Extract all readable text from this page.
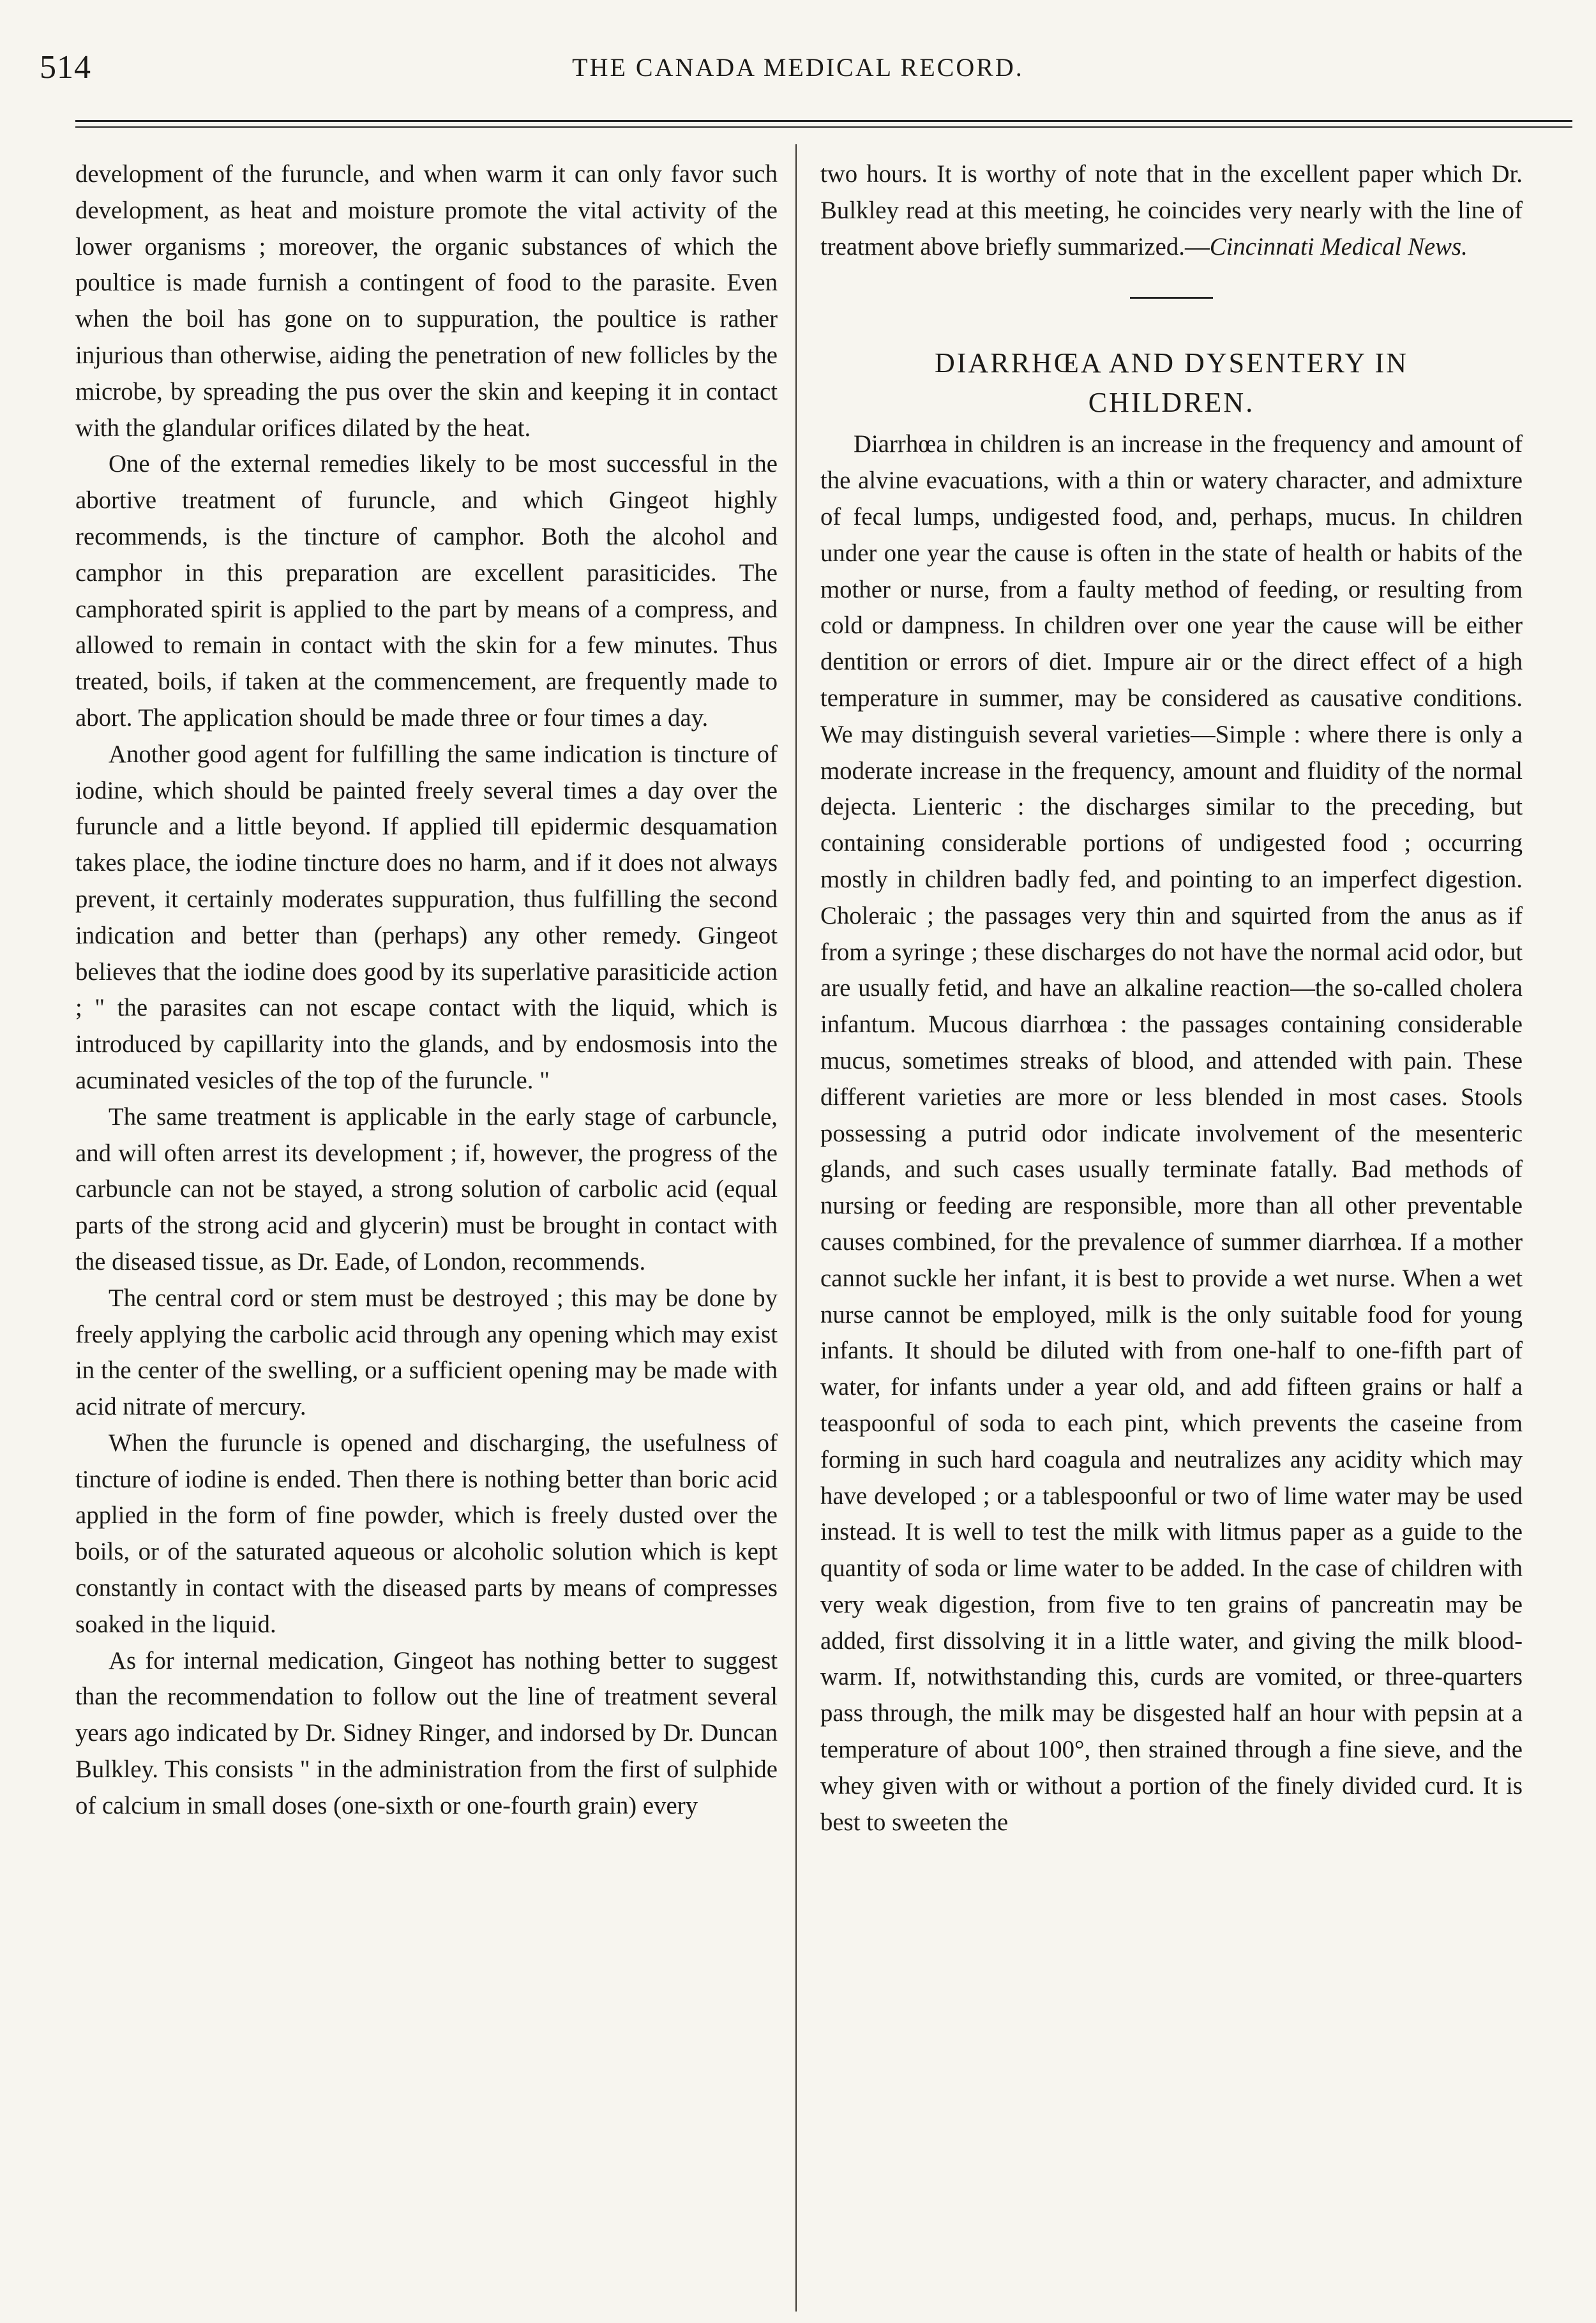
514	THE CANADA MEDICAL RECORD.

development of the furuncle, and when warm it can only favor such development, as heat and moisture promote the vital activity of the lower organisms ; moreover, the organic substances of which the poultice is made furnish a contingent of food to the parasite. Even when the boil has gone on to suppuration, the poultice is rather injurious than otherwise, aiding the penetration of new follicles by the microbe, by spreading the pus over the skin and keeping it in contact with the glandular orifices dilated by the heat.

One of the external remedies likely to be most successful in the abortive treatment of furuncle, and which Gingeot highly recommends, is the tincture of camphor. Both the alcohol and camphor in this preparation are excellent parasiticides. The camphorated spirit is applied to the part by means of a compress, and allowed to remain in contact with the skin for a few minutes. Thus treated, boils, if taken at the commencement, are frequently made to abort. The application should be made three or four times a day.

Another good agent for fulfilling the same indication is tincture of iodine, which should be painted freely several times a day over the furuncle and a little beyond. If applied till epidermic desquamation takes place, the iodine tincture does no harm, and if it does not always prevent, it certainly moderates suppuration, thus fulfilling the second indication and better than (perhaps) any other remedy. Gingeot believes that the iodine does good by its superlative parasiticide action ; " the parasites can not escape contact with the liquid, which is introduced by capillarity into the glands, and by endosmosis into the acuminated vesicles of the top of the furuncle. "

The same treatment is applicable in the early stage of carbuncle, and will often arrest its development ; if, however, the progress of the carbuncle can not be stayed, a strong solution of carbolic acid (equal parts of the strong acid and glycerin) must be brought in contact with the diseased tissue, as Dr. Eade, of London, recommends.

The central cord or stem must be destroyed ; this may be done by freely applying the carbolic acid through any opening which may exist in the center of the swelling, or a sufficient opening may be made with acid nitrate of mercury.

When the furuncle is opened and discharging, the usefulness of tincture of iodine is ended. Then there is nothing better than boric acid applied in the form of fine powder, which is freely dusted over the boils, or of the saturated aqueous or alcoholic solution which is kept constantly in contact with the diseased parts by means of compresses soaked in the liquid.

As for internal medication, Gingeot has nothing better to suggest than the recommendation to follow out the line of treatment several years ago indicated by Dr. Sidney Ringer, and indorsed by Dr. Duncan Bulkley. This consists " in the administration from the first of sulphide of calcium in small doses (one-sixth or one-fourth grain) every

two hours. It is worthy of note that in the excellent paper which Dr. Bulkley read at this meeting, he coincides very nearly with the line of treatment above briefly summarized.—Cincinnati Medical News.

DIARRHŒA AND DYSENTERY IN
CHILDREN.

Diarrhœa in children is an increase in the frequency and amount of the alvine evacuations, with a thin or watery character, and admixture of fecal lumps, undigested food, and, perhaps, mucus. In children under one year the cause is often in the state of health or habits of the mother or nurse, from a faulty method of feeding, or resulting from cold or dampness. In children over one year the cause will be either dentition or errors of diet. Impure air or the direct effect of a high temperature in summer, may be considered as causative conditions. We may distinguish several varieties—Simple : where there is only a moderate increase in the frequency, amount and fluidity of the normal dejecta. Lienteric : the discharges similar to the preceding, but containing considerable portions of undigested food ; occurring mostly in children badly fed, and pointing to an imperfect digestion. Choleraic ; the passages very thin and squirted from the anus as if from a syringe ; these discharges do not have the normal acid odor, but are usually fetid, and have an alkaline reaction—the so-called cholera infantum. Mucous diarrhœa : the passages containing considerable mucus, sometimes streaks of blood, and attended with pain. These different varieties are more or less blended in most cases. Stools possessing a putrid odor indicate involvement of the mesenteric glands, and such cases usually terminate fatally. Bad methods of nursing or feeding are responsible, more than all other preventable causes combined, for the prevalence of summer diarrhœa. If a mother cannot suckle her infant, it is best to provide a wet nurse. When a wet nurse cannot be employed, milk is the only suitable food for young infants. It should be diluted with from one-half to one-fifth part of water, for infants under a year old, and add fifteen grains or half a teaspoonful of soda to each pint, which prevents the caseine from forming in such hard coagula and neutralizes any acidity which may have developed ; or a tablespoonful or two of lime water may be used instead. It is well to test the milk with litmus paper as a guide to the quantity of soda or lime water to be added. In the case of children with very weak digestion, from five to ten grains of pancreatin may be added, first dissolving it in a little water, and giving the milk blood-warm. If, notwithstanding this, curds are vomited, or three-quarters pass through, the milk may be disgested half an hour with pepsin at a temperature of about 100°, then strained through a fine sieve, and the whey given with or without a portion of the finely divided curd. It is best to sweeten the
